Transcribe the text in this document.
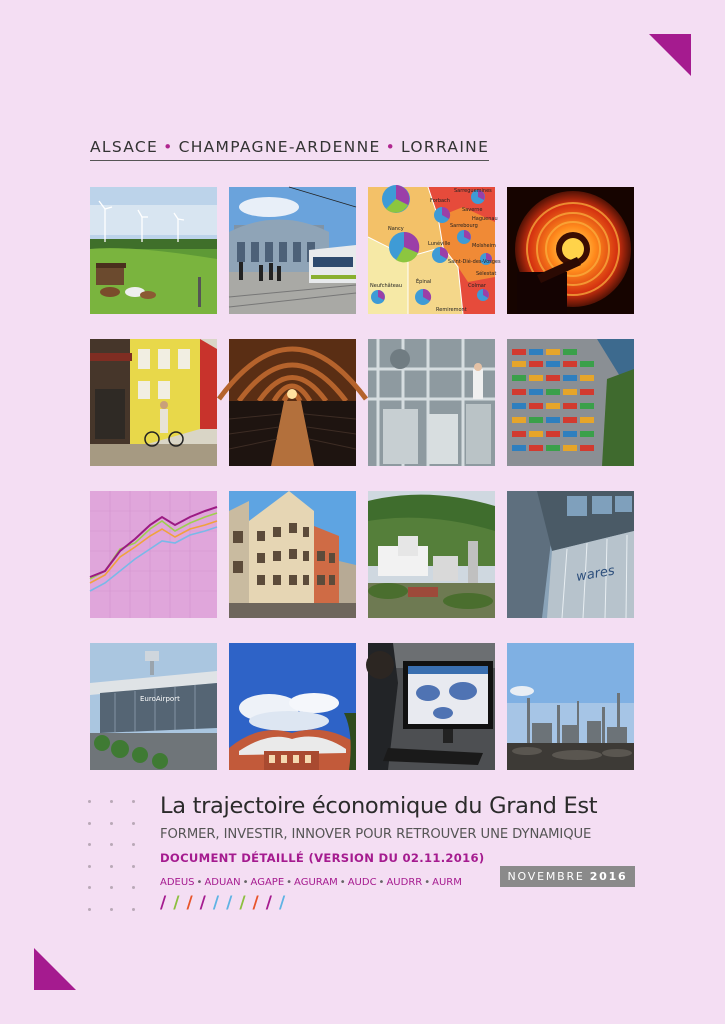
ALSACE • CHAMPAGNE-ARDENNE • LORRAINE
Nancy
Forbach
Saverne
Sarrebourg
Lunéville
Saint-Dié-des-Vosges
Sélestat
Neufchâteau
Épinal
Colmar
Remiremont
Molsheim
Haguenau
Sarreguemines
wares
EuroAirport
La trajectoire économique du Grand Est
FORMER, INVESTIR, INNOVER POUR RETROUVER UNE DYNAMIQUE
DOCUMENT DÉTAILLÉ (VERSION DU 02.11.2016)
ADEUS • ADUAN • AGAPE • AGURAM • AUDC • AUDRR • AURM	NOVEMBRE 2016
/ / / / / / / / / /
